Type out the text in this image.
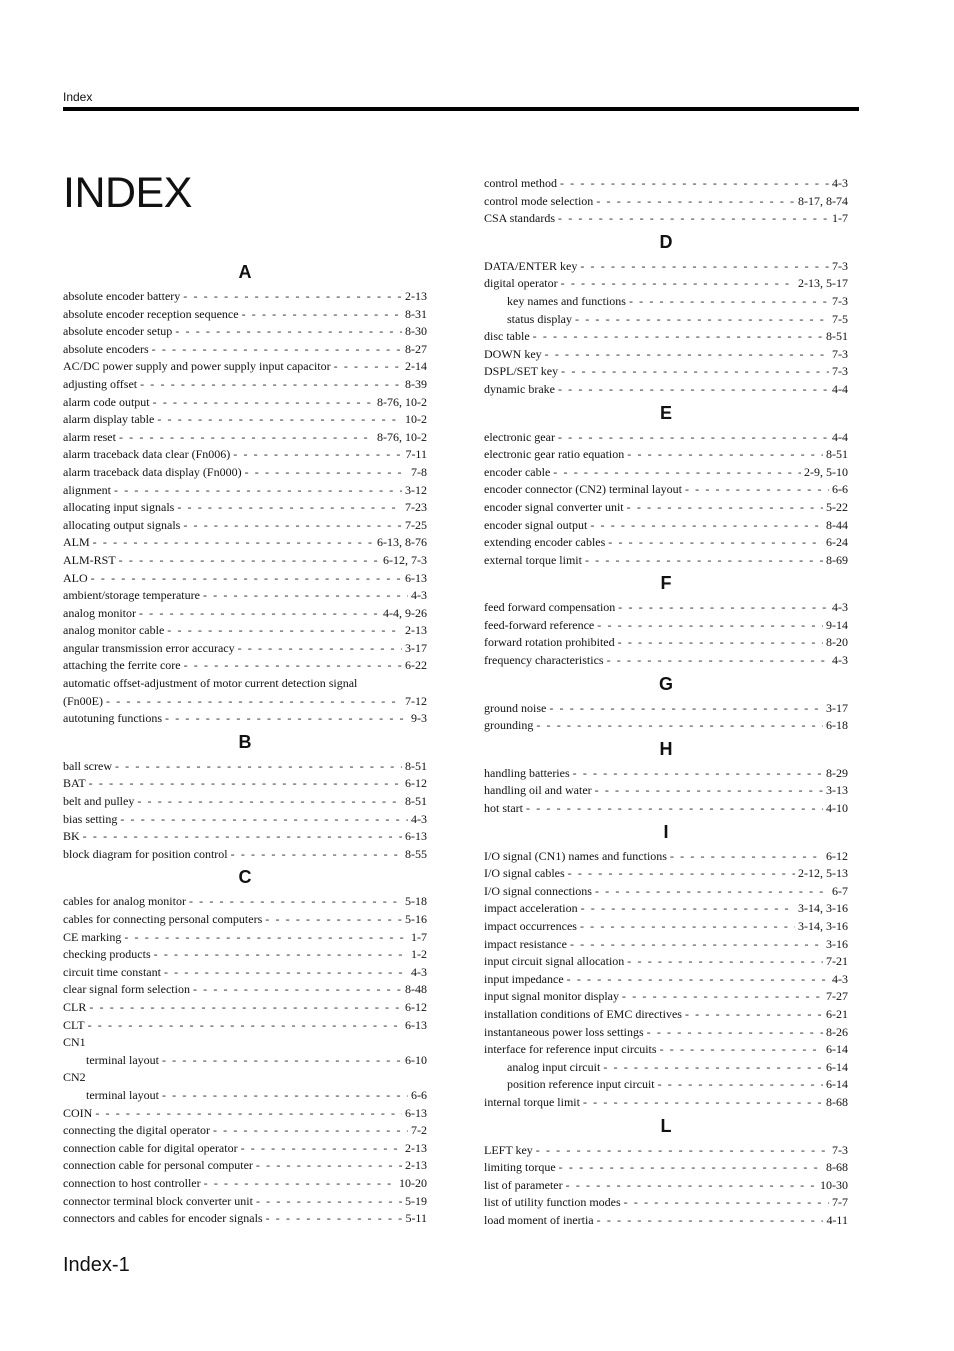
Index
INDEX
A
absolute encoder battery - - -	2-13
absolute encoder reception sequence - - -	8-31
absolute encoder setup - - -	8-30
absolute encoders - - -	8-27
AC/DC power supply and power supply input capacitor - - -	2-14
adjusting offset - - -	8-39
alarm code output - - -	8-76, 10-2
alarm display table - - -	10-2
alarm reset - - -	8-76, 10-2
alarm traceback data clear (Fn006) - - -	7-11
alarm traceback data display (Fn000) - - -	7-8
alignment - - -	3-12
allocating input signals - - -	7-23
allocating output signals - - -	7-25
ALM - - -	6-13, 8-76
ALM-RST - - -	6-12, 7-3
ALO - - -	6-13
ambient/storage temperature - - -	4-3
analog monitor - - -	4-4, 9-26
analog monitor cable - - -	2-13
angular transmission error accuracy - - -	3-17
attaching the ferrite core - - -	6-22
automatic offset-adjustment of motor current detection signal
(Fn00E) - - -	7-12
autotuning functions - - -	9-3
B
ball screw - - -	8-51
BAT - - -	6-12
belt and pulley - - -	8-51
bias setting - - -	4-3
BK - - -	6-13
block diagram for position control - - -	8-55
C
cables for analog monitor - - -	5-18
cables for connecting personal computers - - -	5-16
CE marking - - -	1-7
checking products - - -	1-2
circuit time constant - - -	4-3
clear signal form selection - - -	8-48
CLR - - -	6-12
CLT - - -	6-13
CN1
terminal layout - - -	6-10
CN2
terminal layout - - -	6-6
COIN - - -	6-13
connecting the digital operator - - -	7-2
connection cable for digital operator - - -	2-13
connection cable for personal computer - - -	2-13
connection to host controller - - -	10-20
connector terminal block converter unit - - -	5-19
connectors and cables for encoder signals - - -	5-11
control method - - -	4-3
control mode selection - - -	8-17, 8-74
CSA standards - - -	1-7
D
DATA/ENTER key - - -	7-3
digital operator - - -	2-13, 5-17
key names and functions - - -	7-3
status display - - -	7-5
disc table - - -	8-51
DOWN key - - -	7-3
DSPL/SET key - - -	7-3
dynamic brake - - -	4-4
E
electronic gear - - -	4-4
electronic gear ratio equation - - -	8-51
encoder cable - - -	2-9, 5-10
encoder connector (CN2) terminal layout - - -	6-6
encoder signal converter unit - - -	5-22
encoder signal output - - -	8-44
extending encoder cables - - -	6-24
external torque limit - - -	8-69
F
feed forward compensation - - -	4-3
feed-forward reference - - -	9-14
forward rotation prohibited - - -	8-20
frequency characteristics - - -	4-3
G
ground noise - - -	3-17
grounding - - -	6-18
H
handling batteries - - -	8-29
handling oil and water - - -	3-13
hot start - - -	4-10
I
I/O signal (CN1) names and functions - - -	6-12
I/O signal cables - - -	2-12, 5-13
I/O signal connections - - -	6-7
impact acceleration - - -	3-14, 3-16
impact occurrences - - -	3-14, 3-16
impact resistance - - -	3-16
input circuit signal allocation - - -	7-21
input impedance - - -	4-3
input signal monitor display - - -	7-27
installation conditions of EMC directives - - -	6-21
instantaneous power loss settings - - -	8-26
interface for reference input circuits - - -	6-14
analog input circuit - - -	6-14
position reference input circuit - - -	6-14
internal torque limit - - -	8-68
L
LEFT key - - -	7-3
limiting torque - - -	8-68
list of parameter - - -	10-30
list of utility function modes - - -	7-7
load moment of inertia - - -	4-11
Index-1
